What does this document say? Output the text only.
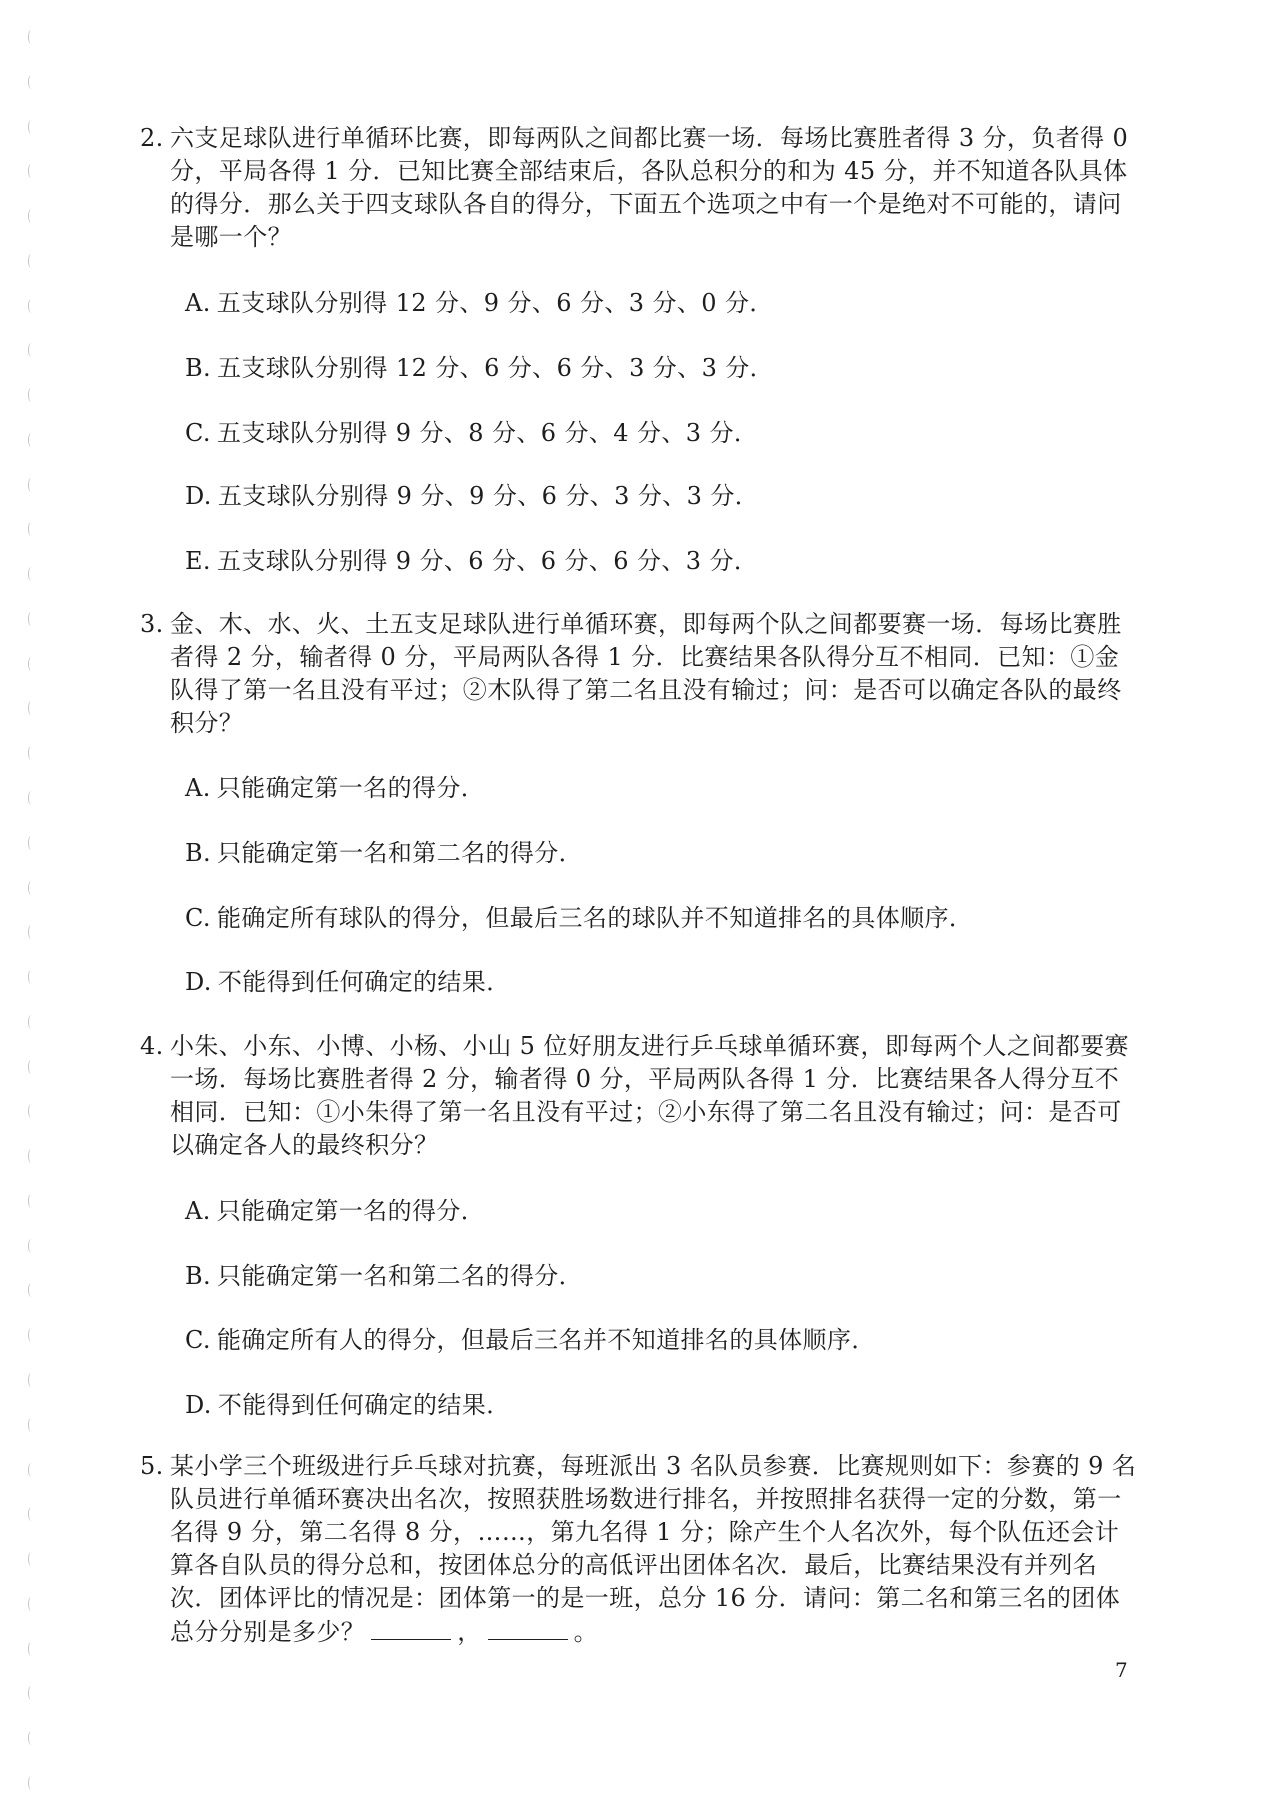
2. 六支足球队进行单循环比赛，即每两队之间都比赛一场．每场比赛胜者得 3 分，负者得 0 分，平局各得 1 分．已知比赛全部结束后，各队总积分的和为 45 分，并不知道各队具体的得分．那么关于四支球队各自的得分，下面五个选项之中有一个是绝对不可能的，请问是哪一个？
A. 五支球队分别得 12 分、9 分、6 分、3 分、0 分．
B. 五支球队分别得 12 分、6 分、6 分、3 分、3 分．
C. 五支球队分别得 9 分、8 分、6 分、4 分、3 分．
D. 五支球队分别得 9 分、9 分、6 分、3 分、3 分．
E. 五支球队分别得 9 分、6 分、6 分、6 分、3 分．
3. 金、木、水、火、土五支足球队进行单循环赛，即每两个队之间都要赛一场．每场比赛胜者得 2 分，输者得 0 分，平局两队各得 1 分．比赛结果各队得分互不相同．已知：①金队得了第一名且没有平过；②木队得了第二名且没有输过；问：是否可以确定各队的最终积分？
A. 只能确定第一名的得分．
B. 只能确定第一名和第二名的得分．
C. 能确定所有球队的得分，但最后三名的球队并不知道排名的具体顺序．
D. 不能得到任何确定的结果．
4. 小朱、小东、小博、小杨、小山 5 位好朋友进行乒乓球单循环赛，即每两个人之间都要赛一场．每场比赛胜者得 2 分，输者得 0 分，平局两队各得 1 分．比赛结果各人得分互不相同．已知：①小朱得了第一名且没有平过；②小东得了第二名且没有输过；问：是否可以确定各人的最终积分？
A. 只能确定第一名的得分．
B. 只能确定第一名和第二名的得分．
C. 能确定所有人的得分，但最后三名并不知道排名的具体顺序．
D. 不能得到任何确定的结果．
5. 某小学三个班级进行乒乓球对抗赛，每班派出 3 名队员参赛．比赛规则如下：参赛的 9 名队员进行单循环赛决出名次，按照获胜场数进行排名，并按照排名获得一定的分数，第一名得 9 分，第二名得 8 分，……，第九名得 1 分；除产生个人名次外，每个队伍还会计算各自队员的得分总和，按团体总分的高低评出团体名次．最后，比赛结果没有并列名次．团体评比的情况是：团体第一的是一班，总分 16 分．请问：第二名和第三名的团体总分分别是多少？	，	。
7
